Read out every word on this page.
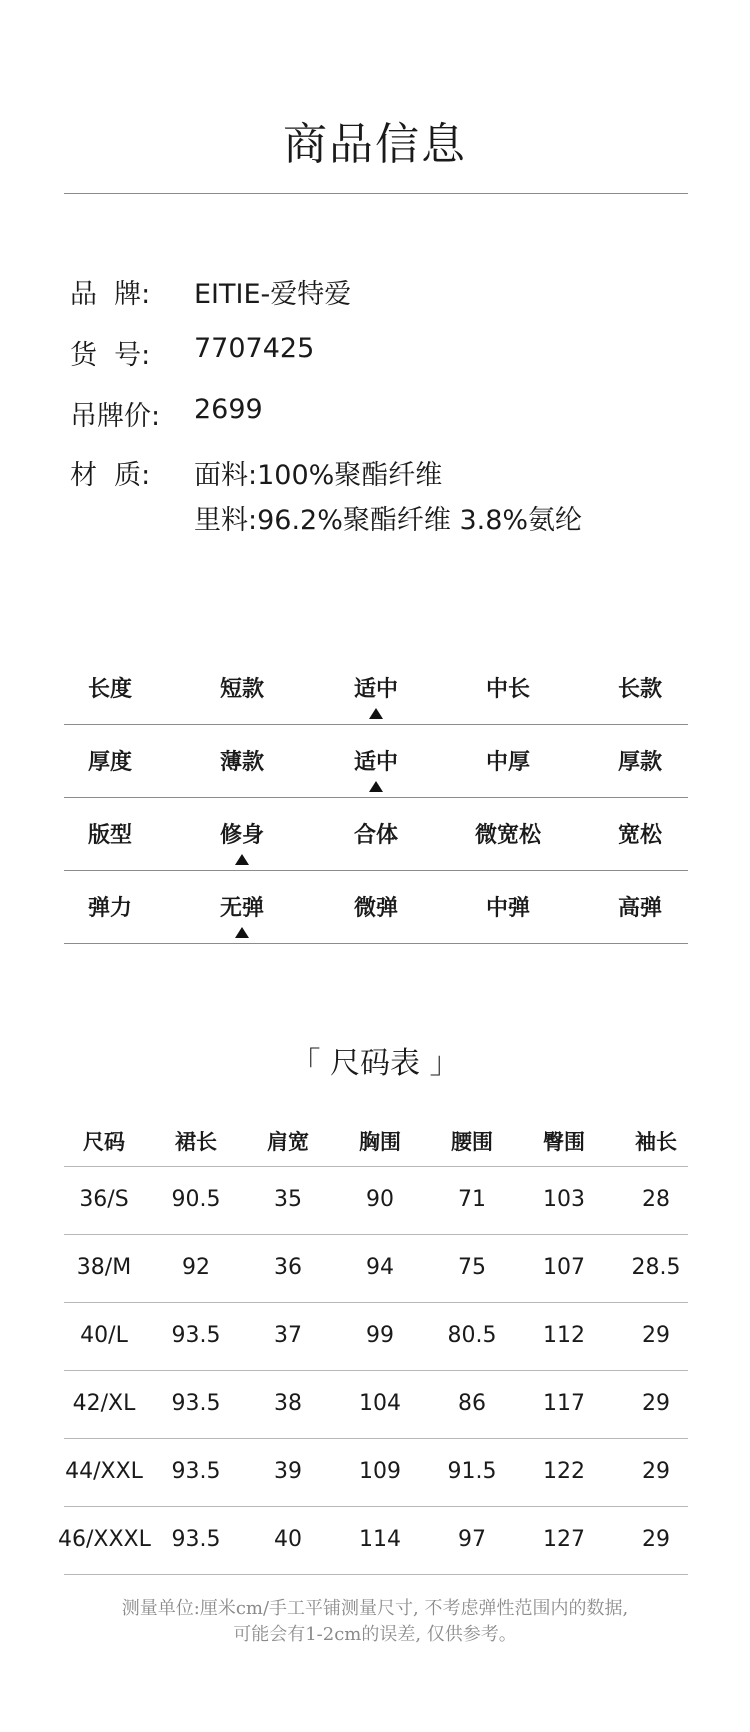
商品信息
品  牌: EITIE-爱特爱
货  号: 7707425
吊牌价: 2699
材  质: 面料:100%聚酯纤维
里料:96.2%聚酯纤维 3.8%氨纶
长度	短款	适中	中长	长款
厚度	薄款	适中	中厚	厚款
版型	修身	合体	微宽松	宽松
弹力	无弹	微弹	中弹	高弹
「 尺码表 」
尺码	裙长	肩宽	胸围	腰围	臀围	袖长
36/S	90.5	35	90	71	103	28
38/M	92	36	94	75	107	28.5
40/L	93.5	37	99	80.5	112	29
42/XL	93.5	38	104	86	117	29
44/XXL	93.5	39	109	91.5	122	29
46/XXXL 93.5	40	114	97	127	29
测量单位:厘米cm/手工平铺测量尺寸, 不考虑弹性范围内的数据,
可能会有1-2cm的误差, 仅供参考。
